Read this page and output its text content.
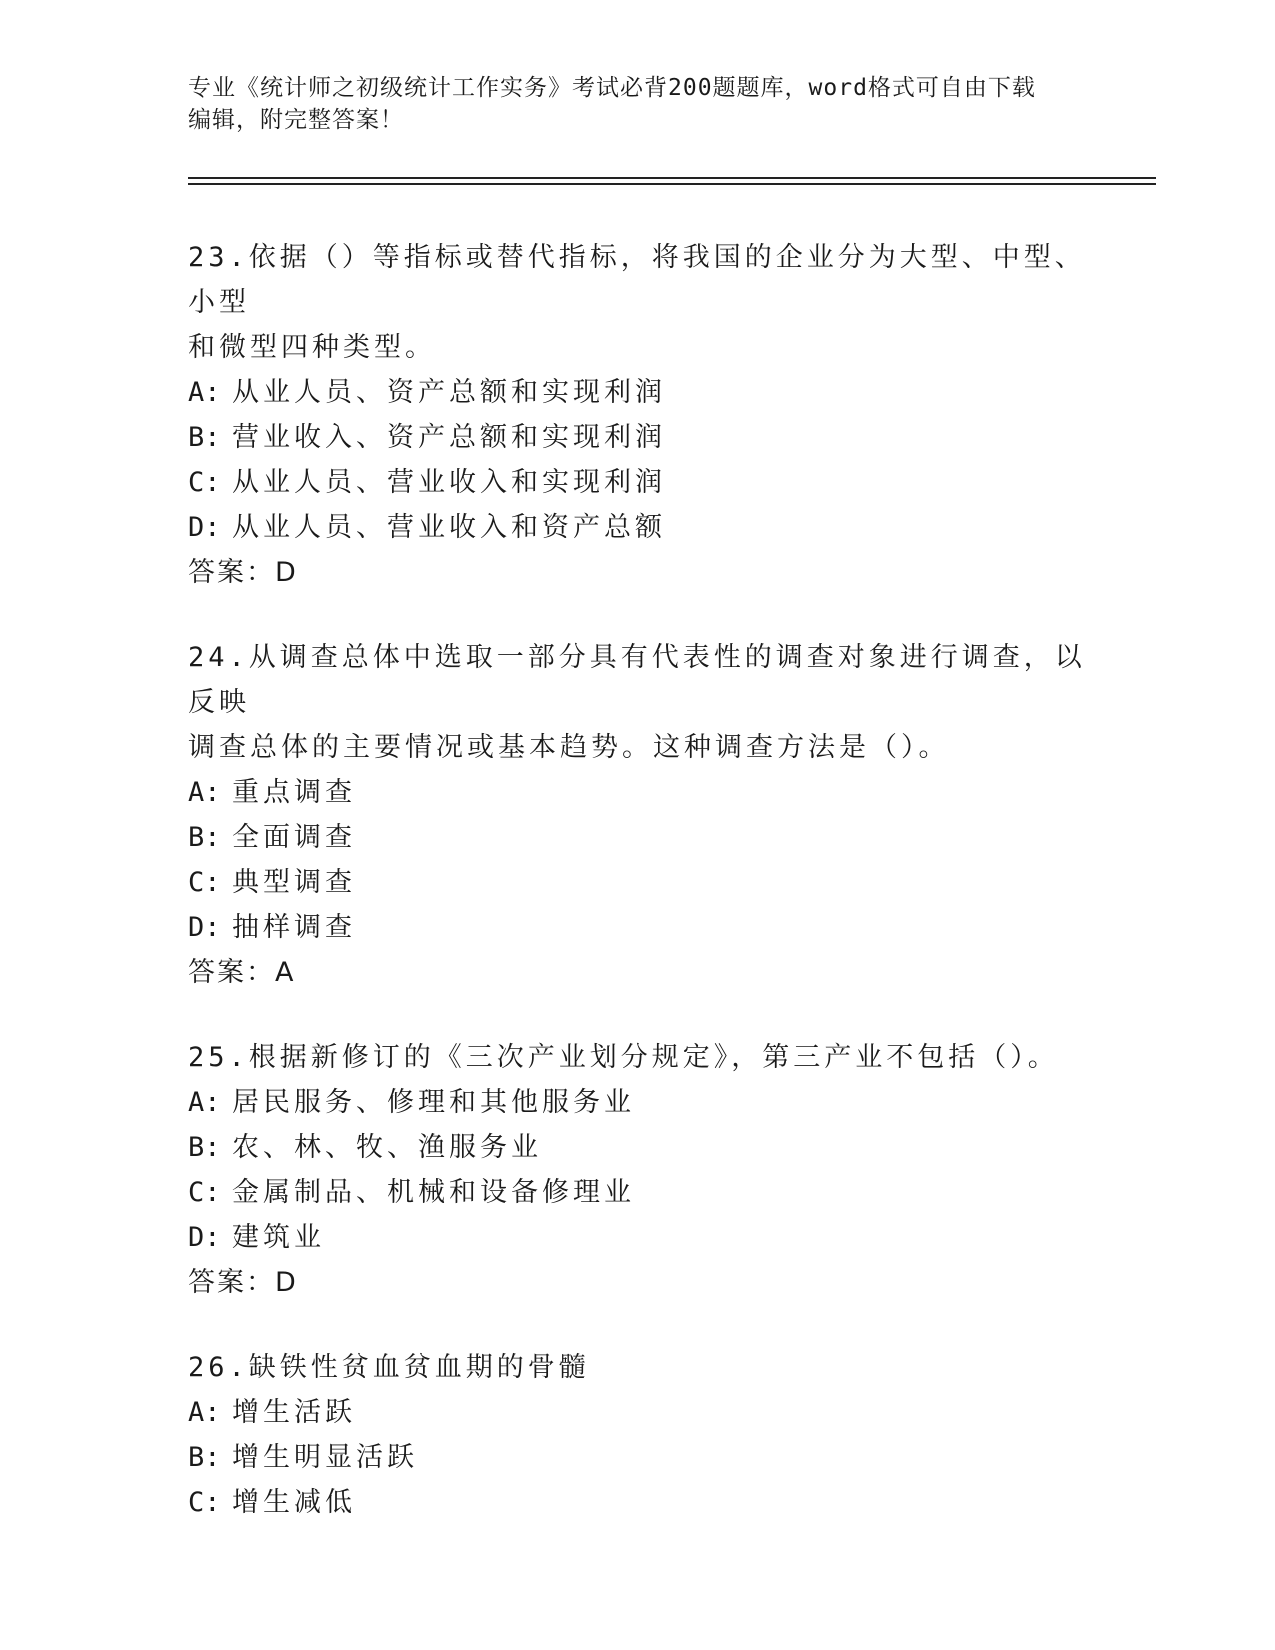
专业《统计师之初级统计工作实务》考试必背200题题库，word格式可自由下载
编辑，附完整答案！

23.依据（）等指标或替代指标，将我国的企业分为大型、中型、小型
和微型四种类型。

A: 从业人员、资产总额和实现利润

B: 营业收入、资产总额和实现利润

C: 从业人员、营业收入和实现利润

D: 从业人员、营业收入和资产总额

答案：D

24.从调查总体中选取一部分具有代表性的调查对象进行调查，以反映
调查总体的主要情况或基本趋势。这种调查方法是（）。

A: 重点调查

B: 全面调查

C: 典型调查

D: 抽样调查

答案：A

25.根据新修订的《三次产业划分规定》，第三产业不包括（）。

A: 居民服务、修理和其他服务业

B: 农、林、牧、渔服务业

C: 金属制品、机械和设备修理业

D: 建筑业

答案：D

26.缺铁性贫血贫血期的骨髓

A: 增生活跃

B: 增生明显活跃

C: 增生减低
